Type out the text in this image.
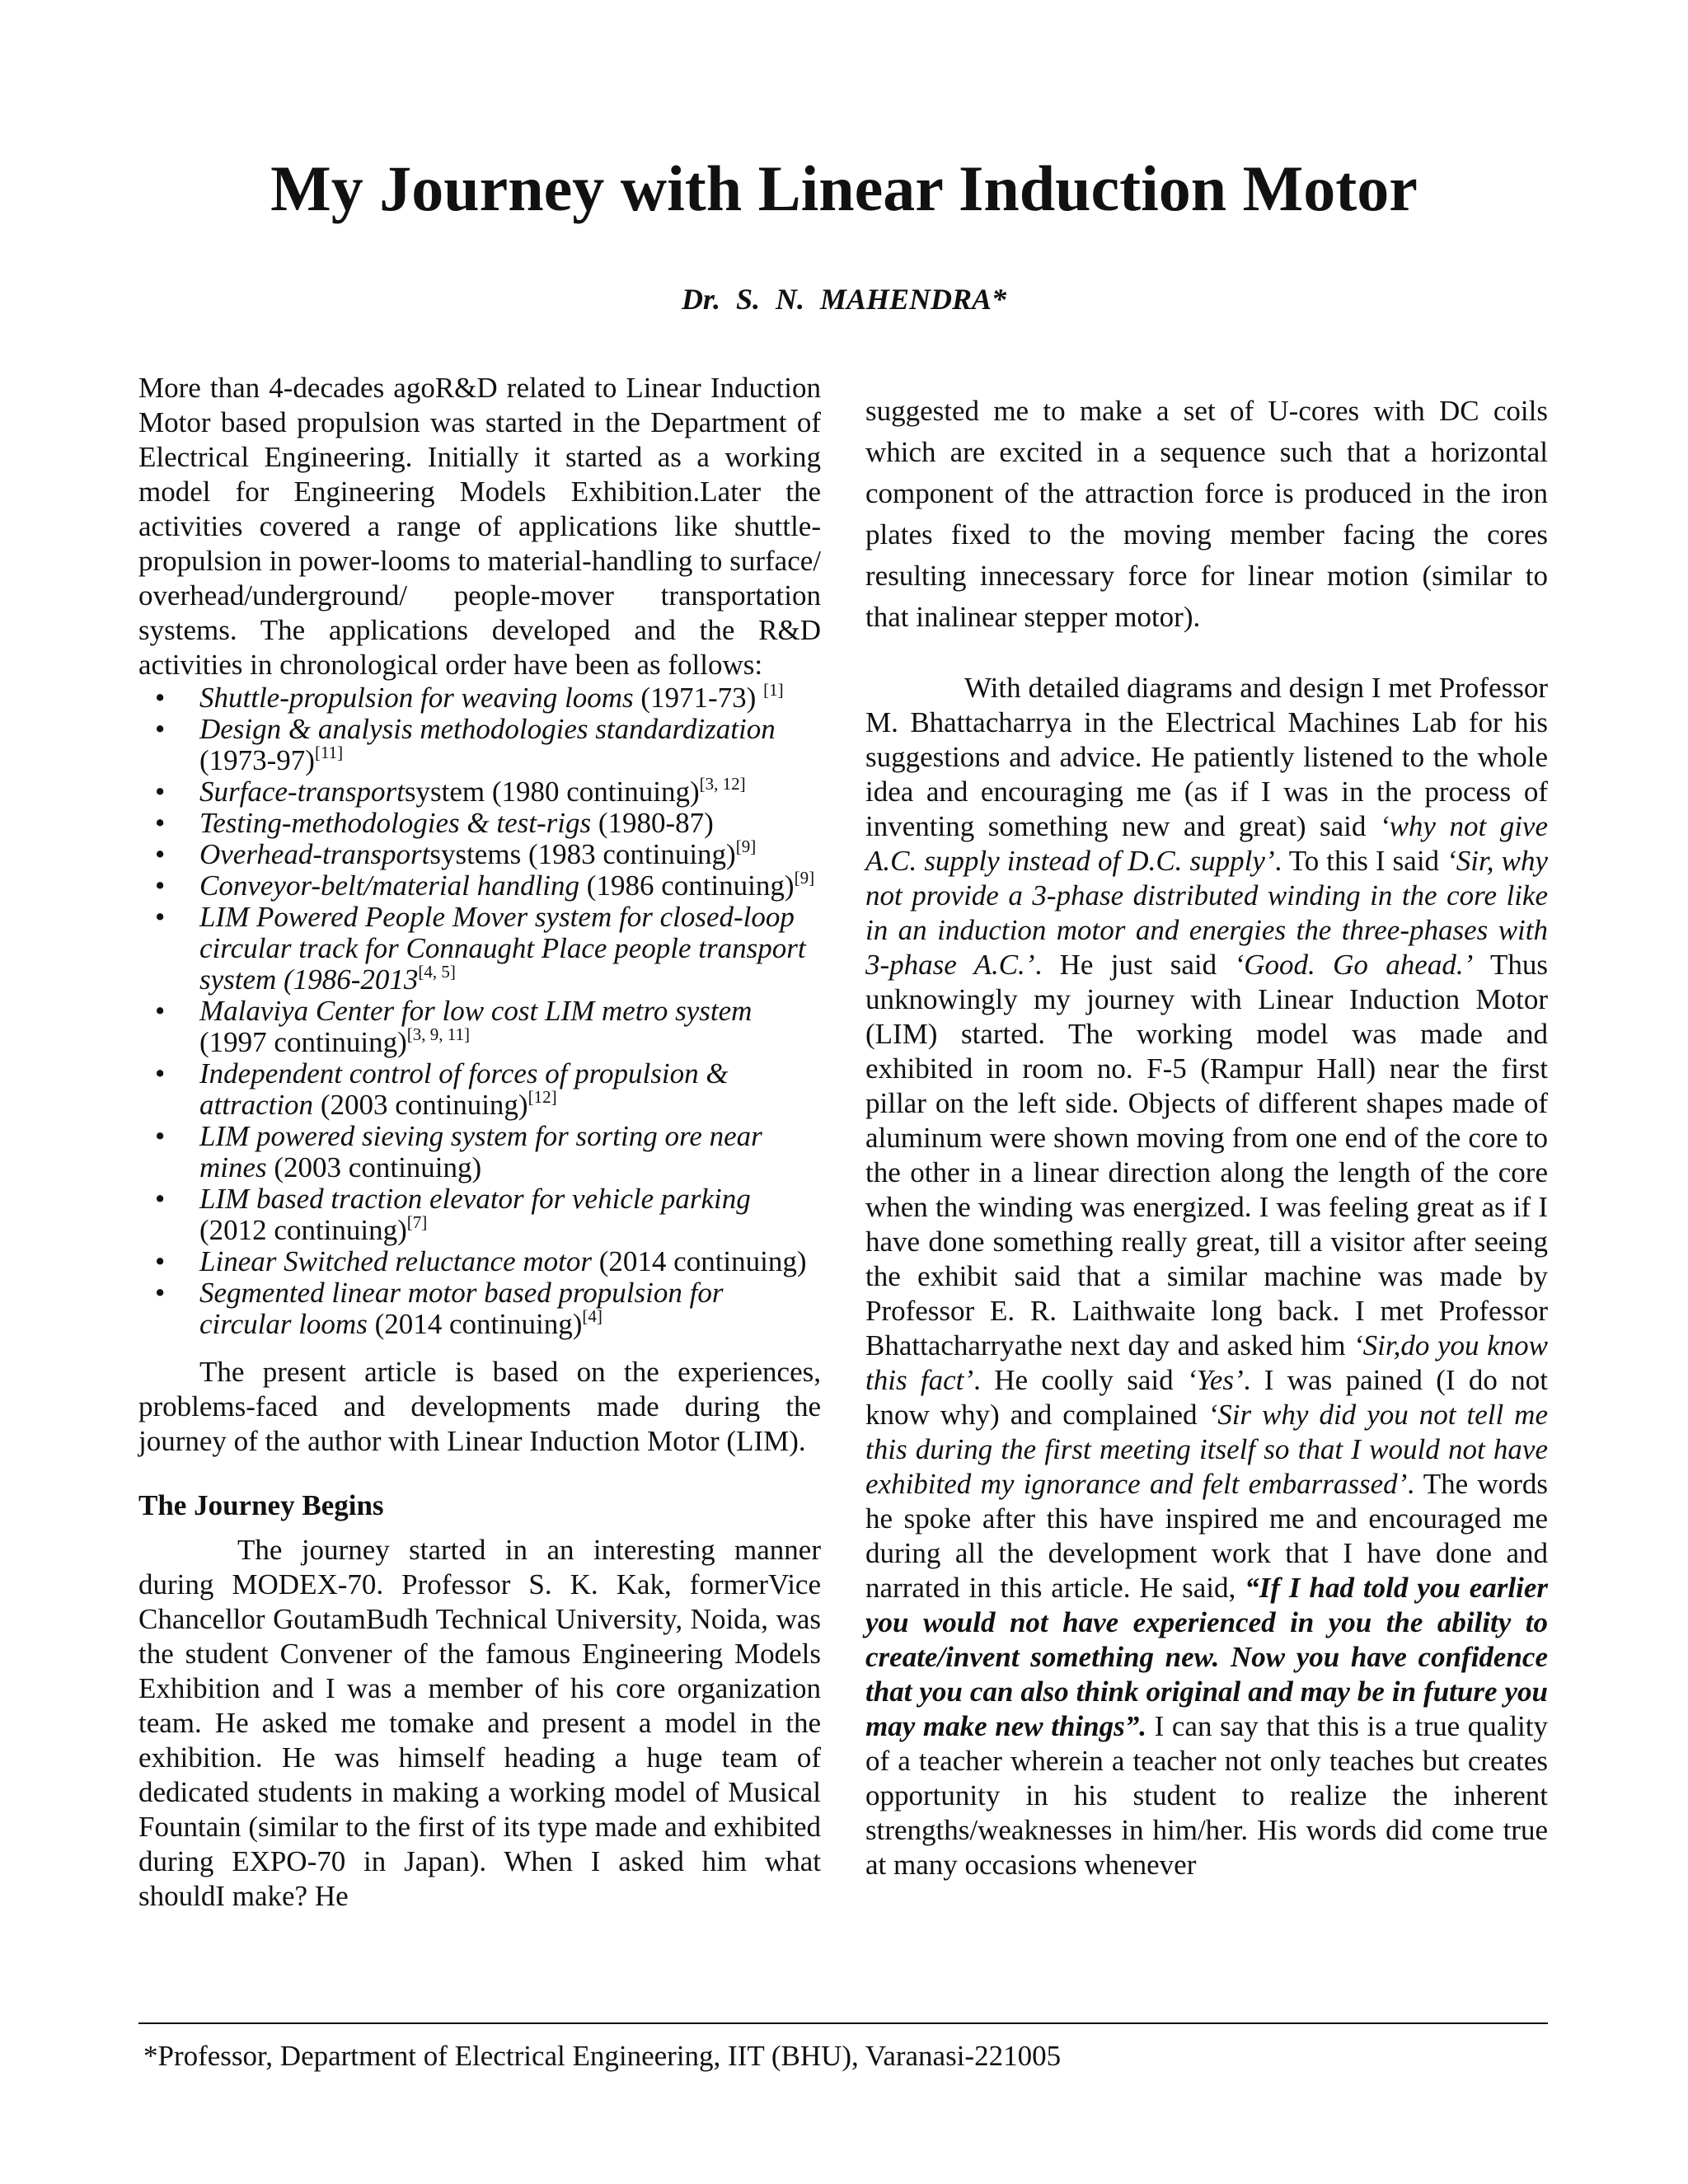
My Journey with Linear Induction Motor
Dr. S. N. MAHENDRA*

More than 4-decades agoR&D related to Linear Induction Motor based propulsion was started in the Department of Electrical Engineering. Initially it started as a working model for Engineering Models Exhibition.Later the activities covered a range of applications like shuttle-propulsion in power-looms to material-handling to surface/ overhead/underground/ people-mover transportation systems. The applications developed and the R&D activities in chronological order have been as follows:

• Shuttle-propulsion for weaving looms (1971-73) [1]
• Design & analysis methodologies standardization (1973-97)[11]
• Surface-transportsystem (1980 continuing)[3, 12]
• Testing-methodologies & test-rigs (1980-87)
• Overhead-transportsystems (1983 continuing)[9]
• Conveyor-belt/material handling (1986 continuing)[9]
• LIM Powered People Mover system for closed-loop circular track for Connaught Place people transport system (1986-2013[4, 5]
• Malaviya Center for low cost LIM metro system (1997 continuing)[3, 9, 11]
• Independent control of forces of propulsion & attraction (2003 continuing)[12]
• LIM powered sieving system for sorting ore near mines (2003 continuing)
• LIM based traction elevator for vehicle parking (2012 continuing)[7]
• Linear Switched reluctance motor (2014 continuing)
• Segmented linear motor based propulsion for circular looms (2014 continuing)[4]

The present article is based on the experiences, problems-faced and developments made during the journey of the author with Linear Induction Motor (LIM).

The Journey Begins

The journey started in an interesting manner during MODEX-70. Professor S. K. Kak, formerVice Chancellor GoutamBudh Technical University, Noida, was the student Convener of the famous Engineering Models Exhibition and I was a member of his core organization team. He asked me tomake and present a model in the exhibition. He was himself heading a huge team of dedicated students in making a working model of Musical Fountain (similar to the first of its type made and exhibited during EXPO-70 in Japan). When I asked him what shouldI make? He

suggested me to make a set of U-cores with DC coils which are excited in a sequence such that a horizontal component of the attraction force is produced in the iron plates fixed to the moving member facing the cores resulting innecessary force for linear motion (similar to that inalinear stepper motor).

With detailed diagrams and design I met Professor M. Bhattacharrya in the Electrical Machines Lab for his suggestions and advice. He patiently listened to the whole idea and encouraging me (as if I was in the process of inventing something new and great) said ‘why not give A.C. supply instead of D.C. supply’. To this I said ‘Sir, why not provide a 3-phase distributed winding in the core like in an induction motor and energies the three-phases with 3-phase A.C.’. He just said ‘Good. Go ahead.’ Thus unknowingly my journey with Linear Induction Motor (LIM) started. The working model was made and exhibited in room no. F-5 (Rampur Hall) near the first pillar on the left side. Objects of different shapes made of aluminum were shown moving from one end of the core to the other in a linear direction along the length of the core when the winding was energized. I was feeling great as if I have done something really great, till a visitor after seeing the exhibit said that a similar machine was made by Professor E. R. Laithwaite long back. I met Professor Bhattacharryathe next day and asked him ‘Sir,do you know this fact’. He coolly said ‘Yes’. I was pained (I do not know why) and complained ‘Sir why did you not tell me this during the first meeting itself so that I would not have exhibited my ignorance and felt embarrassed’. The words he spoke after this have inspired me and encouraged me during all the development work that I have done and narrated in this article. He said, “If I had told you earlier you would not have experienced in you the ability to create/invent something new. Now you have confidence that you can also think original and may be in future you may make new things”. I can say that this is a true quality of a teacher wherein a teacher not only teaches but creates opportunity in his student to realize the inherent strengths/weaknesses in him/her. His words did come true at many occasions whenever

*Professor, Department of Electrical Engineering, IIT (BHU), Varanasi-221005
